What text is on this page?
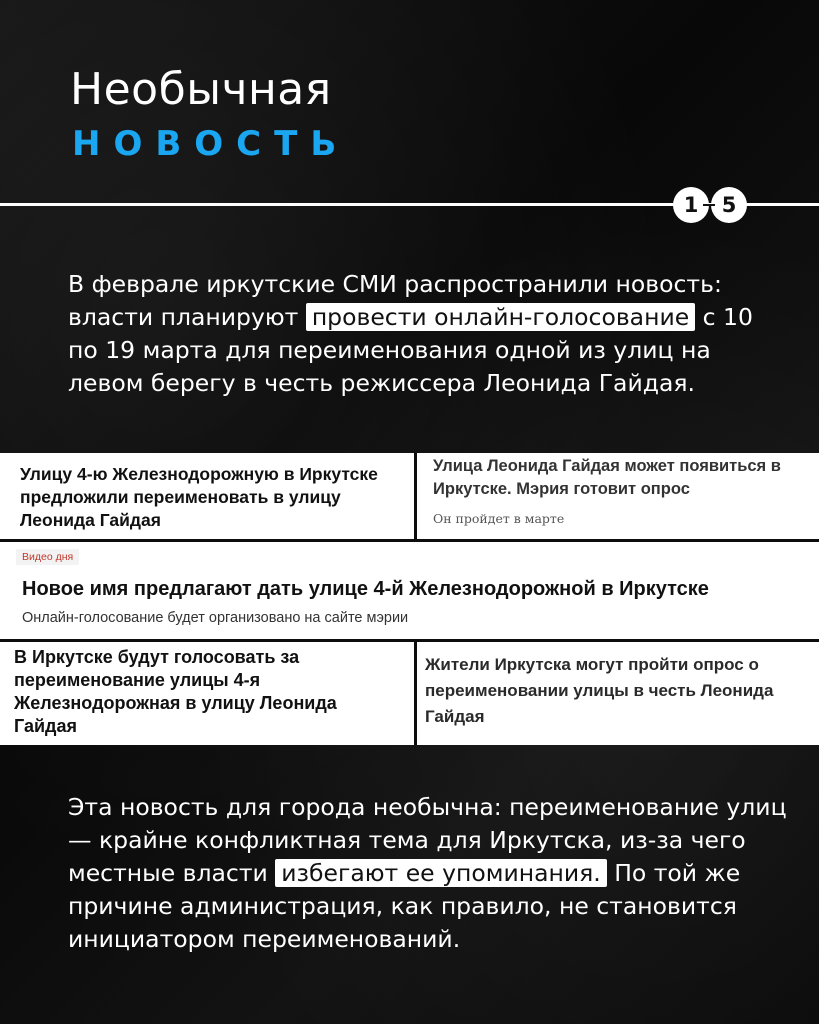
Необычная
НОВОСТЬ
1	5
В феврале иркутские СМИ распространили новость: власти планируют провести онлайн-голосование с 10 по 19 марта для переименования одной из улиц на левом берегу в честь режиссера Леонида Гайдая.
Улицу 4-ю Железнодорожную в Иркутске предложили переименовать в улицу Леонида Гайдая
Улица Леонида Гайдая может появиться в Иркутске. Мэрия готовит опрос
Он пройдет в марте
Видео дня
Новое имя предлагают дать улице 4-й Железнодорожной в Иркутске
Онлайн-голосование будет организовано на сайте мэрии
В Иркутске будут голосовать за переименование улицы 4-я Железнодорожная в улицу Леонида Гайдая
Жители Иркутска могут пройти опрос о
переименовании улицы в честь Леонида
Гайдая
Эта новость для города необычна: переименование улиц — крайне конфликтная тема для Иркутска, из-за чего местные власти избегают ее упоминания. По той же причине администрация, как правило, не становится инициатором переименований.
